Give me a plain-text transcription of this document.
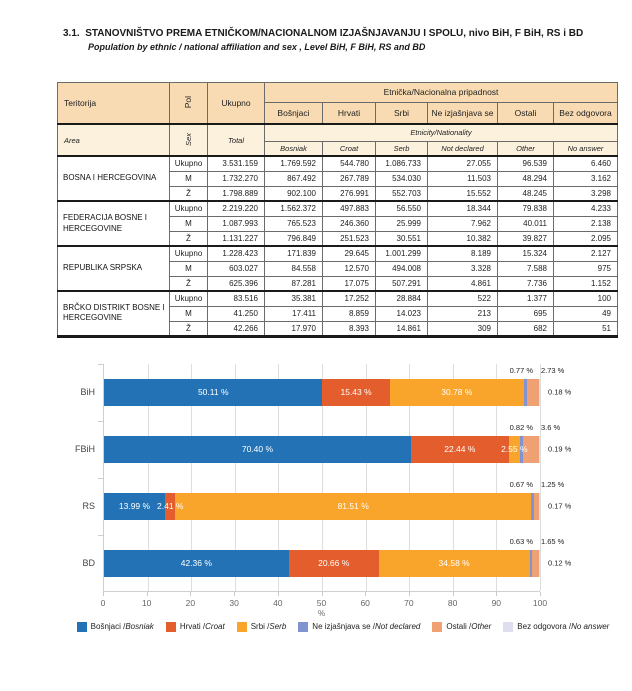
3.1. STANOVNIŠTVO PREMA ETNIČKOM/NACIONALNOM IZJAŠNJAVANJU I SPOLU, nivo BiH, F BiH, RS i BD
Population by ethnic / national affiliation and sex , Level BiH, F BiH, RS and BD
Teritorija	Pol	Ukupno	Etnička/Nacionalna pripadnost					
			Bošnjaci	Hrvati	Srbi	Ne izjašnjava se	Ostali	Bez odgovora
Area	Sex	Total	Etnicity/Nationality					
			Bosniak	Croat	Serb	Not declared	Other	No answer
BOSNA I HERCEGOVINA	Ukupno	3.531.159	1.769.592	544.780	1.086.733	27.055	96.539	6.460
	M	1.732.270	867.492	267.789	534.030	11.503	48.294	3.162
	Ž	1.798.889	902.100	276.991	552.703	15.552	48.245	3.298
FEDERACIJA BOSNE I HERCEGOVINE	Ukupno	2.219.220	1.562.372	497.883	56.550	18.344	79.838	4.233
	M	1.087.993	765.523	246.360	25.999	7.962	40.011	2.138
	Ž	1.131.227	796.849	251.523	30.551	10.382	39.827	2.095
REPUBLIKA SRPSKA	Ukupno	1.228.423	171.839	29.645	1.001.299	8.189	15.324	2.127
	M	603.027	84.558	12.570	494.008	3.328	7.588	975
	Ž	625.396	87.281	17.075	507.291	4.861	7.736	1.152
BRČKO DISTRIKT BOSNE I HERCEGOVINE	Ukupno	83.516	35.381	17.252	28.884	522	1.377	100
	M	41.250	17.411	8.859	14.023	213	695	49
	Ž	42.266	17.970	8.393	14.861	309	682	51
BiH	50.11 %	15.43 %	30.78 %
0.77 % 2.73 %
0.18 %
FBiH	70.40 %	22.44 %	2.55 %
0.82 % 3.6 %
0.19 %
RS	13.99 % 2.41 %	81.51 %
0.67 % 1.25 %
0.17 %
BD	42.36 %	20.66 %	34.58 %
0.63 % 1.65 %
0.12 %
%
0	10	20	30	40	50	60	70	80	90	100
Bošnjaci / Bosniak	Hrvati / Croat	Srbi / Serb	Ne izjašnjava se / Not declared	Ostali / Other	Bez odgovora / No answer
